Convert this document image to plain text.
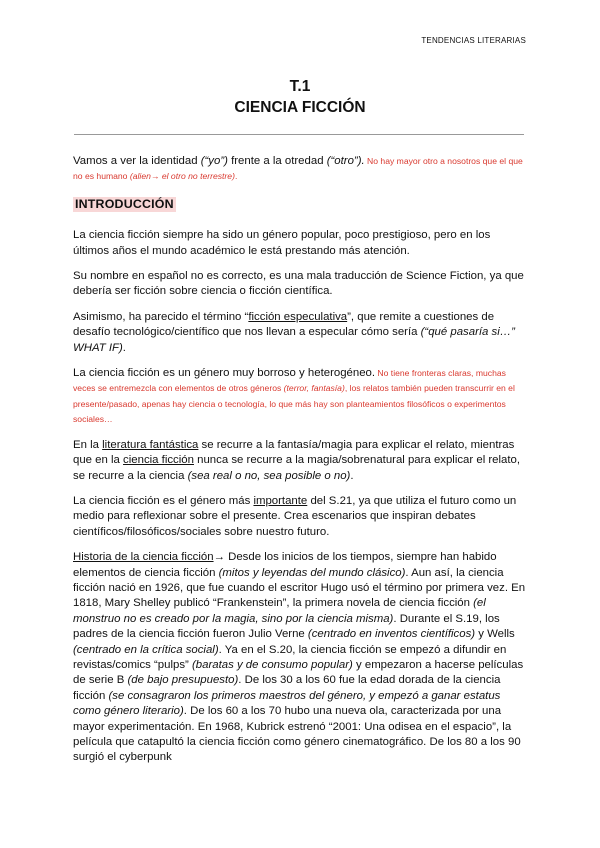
TENDENCIAS LITERARIAS
T.1
CIENCIA FICCIÓN

Vamos a ver la identidad (“yo”) frente a la otredad (“otro”). No hay mayor otro a nosotros que el que no es humano (alien→ el otro no terrestre).

INTRODUCCIÓN

La ciencia ficción siempre ha sido un género popular, poco prestigioso, pero en los últimos años el mundo académico le está prestando más atención.

Su nombre en español no es correcto, es una mala traducción de Science Fiction, ya que debería ser ficción sobre ciencia o ficción científica.

Asimismo, ha parecido el término “ficción especulativa”, que remite a cuestiones de desafío tecnológico/científico que nos llevan a especular cómo sería (“qué pasaría si…” WHAT IF).

La ciencia ficción es un género muy borroso y heterogéneo. No tiene fronteras claras, muchas veces se entremezcla con elementos de otros géneros (terror, fantasía), los relatos también pueden transcurrir en el presente/pasado, apenas hay ciencia o tecnología, lo que más hay son planteamientos filosóficos o experimentos sociales…

En la literatura fantástica se recurre a la fantasía/magia para explicar el relato, mientras que en la ciencia ficción nunca se recurre a la magia/sobrenatural para explicar el relato, se recurre a la ciencia (sea real o no, sea posible o no).

La ciencia ficción es el género más importante del S.21, ya que utiliza el futuro como un medio para reflexionar sobre el presente. Crea escenarios que inspiran debates científicos/filosóficos/sociales sobre nuestro futuro.

Historia de la ciencia ficción→ Desde los inicios de los tiempos, siempre han habido elementos de ciencia ficción (mitos y leyendas del mundo clásico). Aun así, la ciencia ficción nació en 1926, que fue cuando el escritor Hugo usó el término por primera vez. En 1818, Mary Shelley publicó “Frankenstein”, la primera novela de ciencia ficción (el monstruo no es creado por la magia, sino por la ciencia misma). Durante el S.19, los padres de la ciencia ficción fueron Julio Verne (centrado en inventos científicos) y Wells (centrado en la crítica social). Ya en el S.20, la ciencia ficción se empezó a difundir en revistas/comics “pulps” (baratas y de consumo popular) y empezaron a hacerse películas de serie B (de bajo presupuesto). De los 30 a los 60 fue la edad dorada de la ciencia ficción (se consagraron los primeros maestros del género, y empezó a ganar estatus como género literario). De los 60 a los 70 hubo una nueva ola, caracterizada por una mayor experimentación. En 1968, Kubrick estrenó “2001: Una odisea en el espacio”, la película que catapultó la ciencia ficción como género cinematográfico. De los 80 a los 90 surgió el cyberpunk
